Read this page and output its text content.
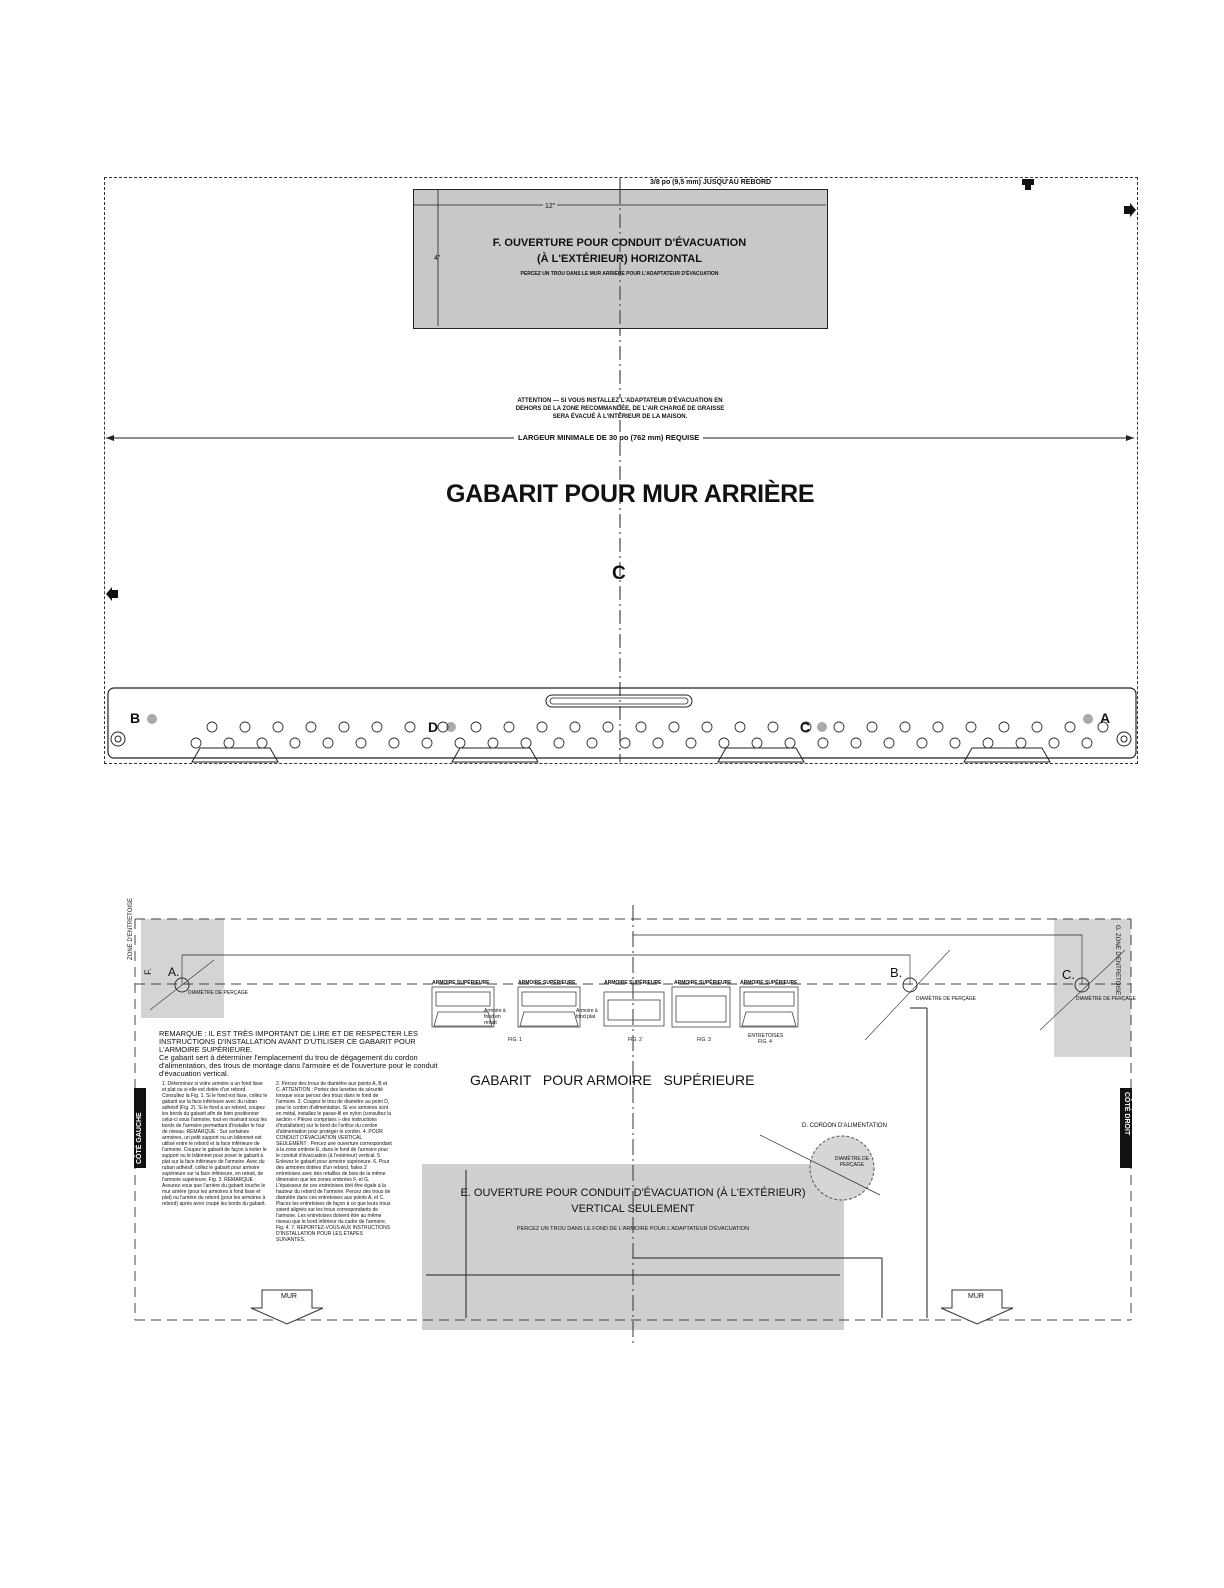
3/8 po (9,5 mm) JUSQU'AU REBORD
12"
4"
F. OUVERTURE POUR CONDUIT D'ÉVACUATION
(À L'EXTÉRIEUR) HORIZONTAL
PERCEZ UN TROU DANS LE MUR ARRIÈRE POUR L'ADAPTATEUR D'ÉVACUATION
ATTENTION — SI VOUS INSTALLEZ L'ADAPTATEUR D'ÉVACUATION EN
DEHORS DE LA ZONE RECOMMANDÉE, DE L'AIR CHARGÉ DE GRAISSE
SERA ÉVACUÉ À L'INTÉRIEUR DE LA MAISON.
LARGEUR MINIMALE DE 30 po (762 mm) REQUISE
GABARIT POUR MUR ARRIÈRE
C
B
D	C
A
ZONE D'ENTRETOISE
F.	G. ZONE D'ENTRETOISE
A.	B.	C.
DIAMÈTRE DE PERÇAGE
DIAMÈTRE DE PERÇAGE	DIAMÈTRE DE PERÇAGE
CÔTÉ GAUCHE	CÔTÉ DROIT
ARMOIRE SUPÉRIEURE	ARMOIRE SUPÉRIEURE	ARMOIRE SUPÉRIEURE ARMOIRE SUPÉRIEURE ARMOIRE SUPÉRIEURE
Armoire à fond en retrait
Armoire à fond plat
FIG. 1	FIG. 2	FIG. 3
ENTRETOISES
FIG. 4
REMARQUE : IL EST TRÈS IMPORTANT DE LIRE ET DE RESPECTER LES
INSTRUCTIONS D'INSTALLATION AVANT D'UTILISER CE GABARIT POUR
L'ARMOIRE SUPÉRIEURE.
Ce gabarit sert à déterminer l'emplacement du trou de dégagement du cordon
d'alimentation, des trous de montage dans l'armoire et de l'ouverture pour le conduit
d'évacuation vertical.
1. Déterminez si votre armoire a un fond lisse et plat ou si elle est dotée d'un rebord. Consultez la Fig. 1. Si le fond est lisse, collez le gabarit sur la face inférieure avec du ruban adhésif (Fig. 2). Si le fond a un rebord, coupez les bords du gabarit afin de bien positionner celui-ci sous l'armoire, tout en insérant sous les bords de l'armoire permettant d'installer le four de niveau. REMARQUE : Sur certaines armoires, un petit support ou un bâtonnet est utilisé entre le rebord et la face inférieure de l'armoire. Coupez le gabarit de façon à éviter le support ou le bâtonnet pour poser le gabarit à plat sur la face inférieure de l'armoire. Avec du ruban adhésif, collez le gabarit pour armoire supérieure sur la face inférieure, en retrait, de l'armoire supérieure, Fig. 3. REMARQUE : Assurez-vous que l'arrière du gabarit touche le mur arrière (pour les armoires à fond lisse et plat) ou l'arrière du rebord (pour les armoires à rebord) après avoir coupé les bords du gabarit.
2. Percez des trous de diamètre aux points A, B et C. ATTENTION : Portez des lunettes de sécurité lorsque vous percez des trous dans le fond de l'armoire. 3. Coupez le trou de diamètre au point D, pour le cordon d'alimentation. Si vos armoires sont en métal, installez le passe-fil en nylon (consultez la section « Pièces comprises » des instructions d'installation) sur le bord de l'orifice du cordon d'alimentation pour protéger le cordon. 4. POUR CONDUIT D'ÉVACUATION VERTICAL SEULEMENT : Percez une ouverture correspondant à la zone ombrée E, dans le fond de l'armoire pour le conduit d'évacuation (à l'extérieur) vertical. 5. Enlevez le gabarit pour armoire supérieure. 6. Pour des armoires dotées d'un rebord, faites 2 entretoises avec des retailles de bois de la même dimension que les zones ombrées F, et G. L'épaisseur de ces entretoises doit être égale à la hauteur du rebord de l'armoire. Percez des trous de diamètre dans ces entretoises aux points A, et C. Placez les entretoises de façon à ce que leurs trous soient alignés sur les trous correspondants de l'armoire. Les entretoises doivent être au même niveau que le bord inférieur du cadre de l'armoire, Fig. 4. 7. REPORTEZ-VOUS AUX INSTRUCTIONS D'INSTALLATION POUR LES ÉTAPES SUIVANTES.
GABARIT   POUR ARMOIRE   SUPÉRIEURE
D. CORDON D'ALIMENTATION
DIAMÈTRE DE PERÇAGE
E. OUVERTURE POUR CONDUIT D'ÉVACUATION (À L'EXTÉRIEUR)
VERTICAL SEULEMENT
PERCEZ UN TROU DANS LE FOND DE L'ARMOIRE POUR L'ADAPTATEUR D'ÉVACUATION
MUR	MUR
